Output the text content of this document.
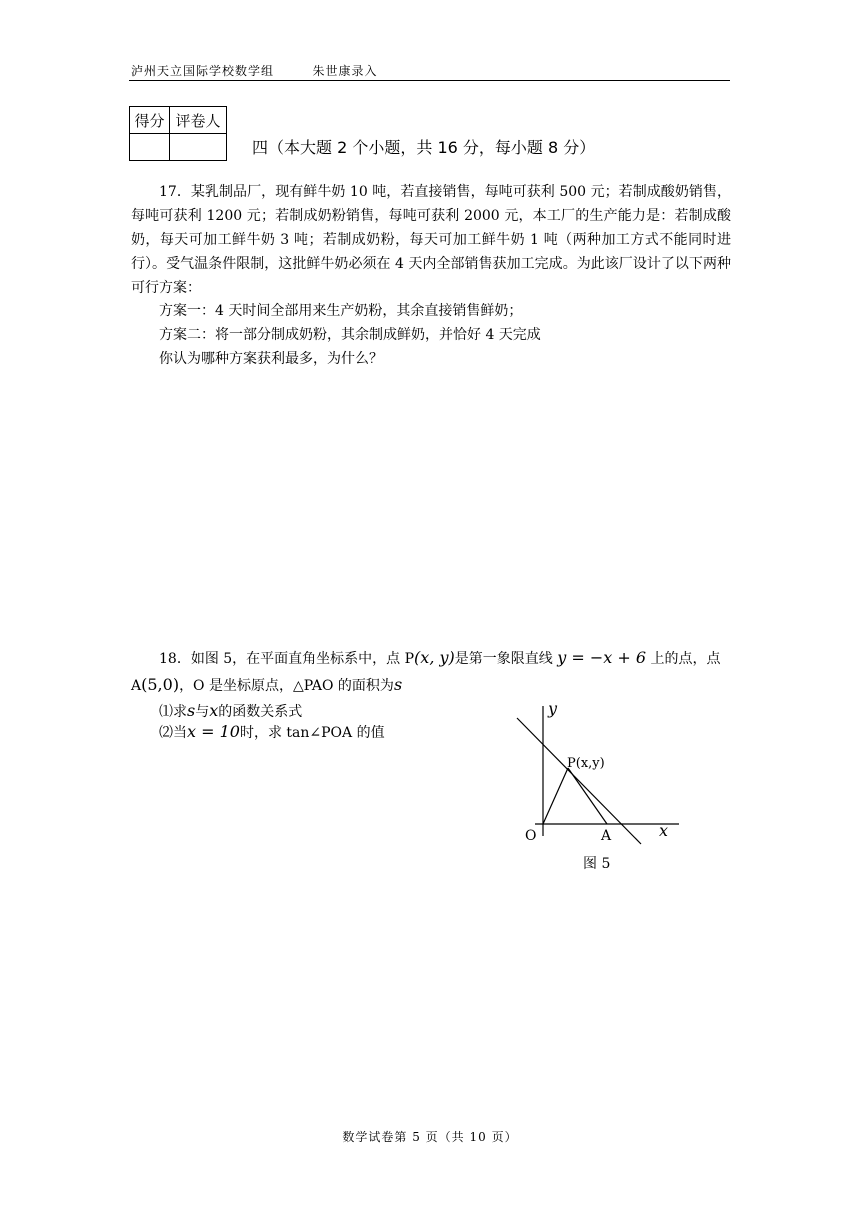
泸州天立国际学校数学组	朱世康录入
得分	评卷人

四（本大题 2 个小题，共 16 分，每小题 8 分）
17．某乳制品厂，现有鲜牛奶 10 吨，若直接销售，每吨可获利 500 元；若制成酸奶销售，每吨可获利 1200 元；若制成奶粉销售，每吨可获利 2000 元，本工厂的生产能力是：若制成酸奶，每天可加工鲜牛奶 3 吨；若制成奶粉，每天可加工鲜牛奶 1 吨（两种加工方式不能同时进行）。受气温条件限制，这批鲜牛奶必须在 4 天内全部销售获加工完成。为此该厂设计了以下两种可行方案：
方案一：4 天时间全部用来生产奶粉，其余直接销售鲜奶；
方案二：将一部分制成奶粉，其余制成鲜奶，并恰好 4 天完成
你认为哪种方案获利最多，为什么？
18．如图 5，在平面直角坐标系中，点 P(x, y)是第一象限直线 y = −x + 6 上的点，点
A(5,0)，O 是坐标原点，△PAO 的面积为s
⑴求s与x的函数关系式
⑵当x = 10时，求 tan∠POA 的值
y
x
P(x,y)
O	A
图 5
数学试卷第 5 页（共 10 页）
